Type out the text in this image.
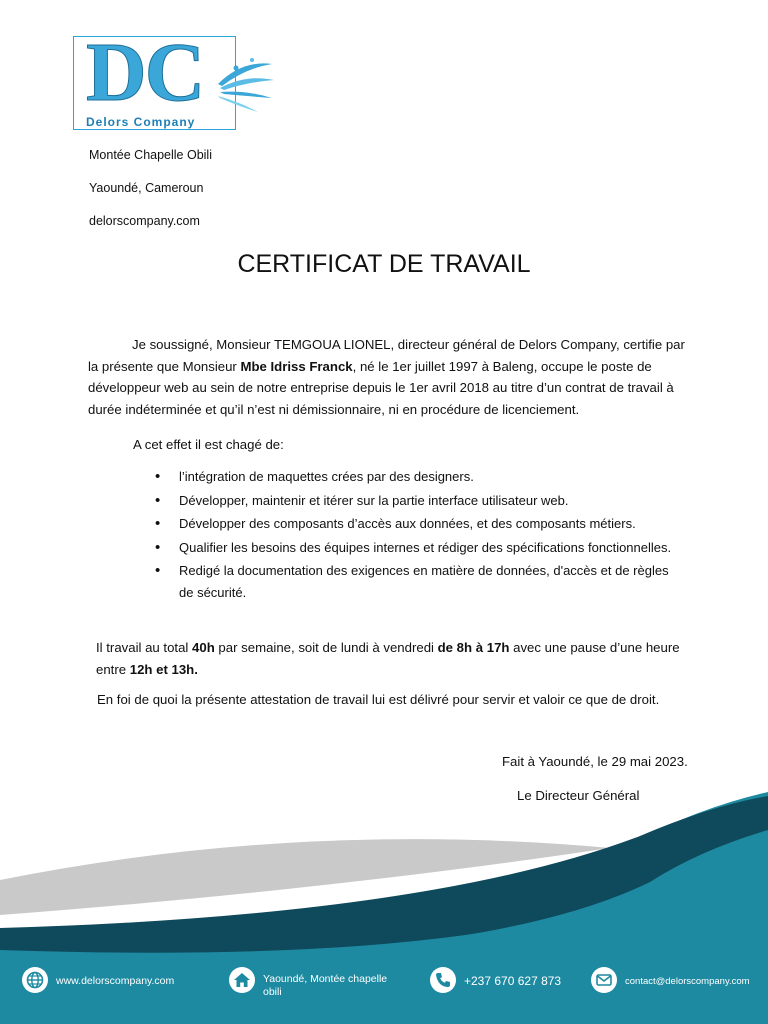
DC
Delors Company
Montée Chapelle Obili
Yaoundé, Cameroun
delorscompany.com
CERTIFICAT DE TRAVAIL
Je soussigné, Monsieur TEMGOUA LIONEL, directeur général de Delors Company, certifie par la présente que Monsieur Mbe Idriss Franck, né le 1er juillet 1997 à Baleng, occupe le poste de développeur web au sein de notre entreprise depuis le 1er avril 2018 au titre d’un contrat de travail à durée indéterminée et qu’il n’est ni démissionnaire, ni en procédure de licenciement.
A cet effet il est chagé de:
• l’intégration de maquettes crées par des designers.
• Développer, maintenir et itérer sur la partie interface utilisateur web.
• Développer des composants d’accès aux données, et des composants métiers.
• Qualifier les besoins des équipes internes et rédiger des spécifications fonctionnelles.
• Redigé la documentation des exigences en matière de données, d'accès et de règles de sécurité.
Il travail au total 40h par semaine, soit de lundi à vendredi de 8h à 17h avec une pause d’une heure entre 12h et 13h.
En foi de quoi la présente attestation de travail lui est délivré pour servir et valoir ce que de droit.
Fait à Yaoundé, le 29 mai 2023.
Le Directeur Général
www.delorscompany.com	Yaoundé, Montée chapelle obili
+237 670 627 873	contact@delorscompany.com
